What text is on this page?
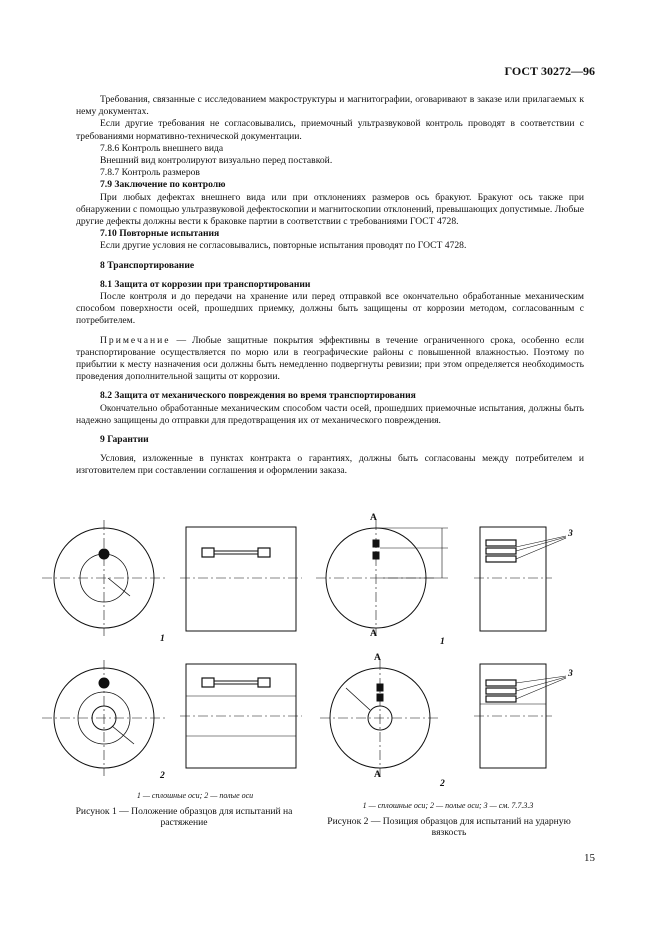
ГОСТ 30272—96

Требования, связанные с исследованием макроструктуры и магнитографии, оговаривают в заказе или прилагаемых к нему документах.

Если другие требования не согласовывались, приемочный ультразвуковой контроль проводят в соответствии с требованиями нормативно-технической документации.

7.8.6 Контроль внешнего вида

Внешний вид контролируют визуально перед поставкой.

7.8.7 Контроль размеров

7.9 Заключение по контролю

При любых дефектах внешнего вида или при отклонениях размеров ось бракуют. Бракуют ось также при обнаружении с помощью ультразвуковой дефектоскопии и магнитоскопии отклонений, превышающих допустимые. Любые другие дефекты должны вести к браковке партии в соответствии с требованиями ГОСТ 4728.

7.10 Повторные испытания

Если другие условия не согласовывались, повторные испытания проводят по ГОСТ 4728.

8 Транспортирование

8.1 Защита от коррозии при транспортировании

После контроля и до передачи на хранение или перед отправкой все окончательно обработанные механическим способом поверхности осей, прошедших приемку, должны быть защищены от коррозии методом, согласованным с потребителем.

Примечание — Любые защитные покрытия эффективны в течение ограниченного срока, особенно если транспортирование осуществляется по морю или в географические районы с повышенной влажностью. Поэтому по прибытии к месту назначения оси должны быть немедленно подвергнуты ревизии; при этом определяется необходимость проведения дополнительной защиты от коррозии.

8.2 Защита от механического повреждения во время транспортирования

Окончательно обработанные механическим способом части осей, прошедших приемочные испытания, должны быть надежно защищены до отправки для предотвращения их от механического повреждения.

9 Гарантии

Условия, изложенные в пунктах контракта о гарантиях, должны быть согласованы между потребителем и изготовителем при составлении соглашения и оформлении заказа.

1
2
A
A
A
A
3
3
1
2
1 — сплошные оси; 2 — полые оси
Рисунок 1 — Положение образцов для испытаний на растяжение
1 — сплошные оси; 2 — полые оси; 3 — см. 7.7.3.3
Рисунок 2 — Позиция образцов для испытаний на ударную вязкость
15
